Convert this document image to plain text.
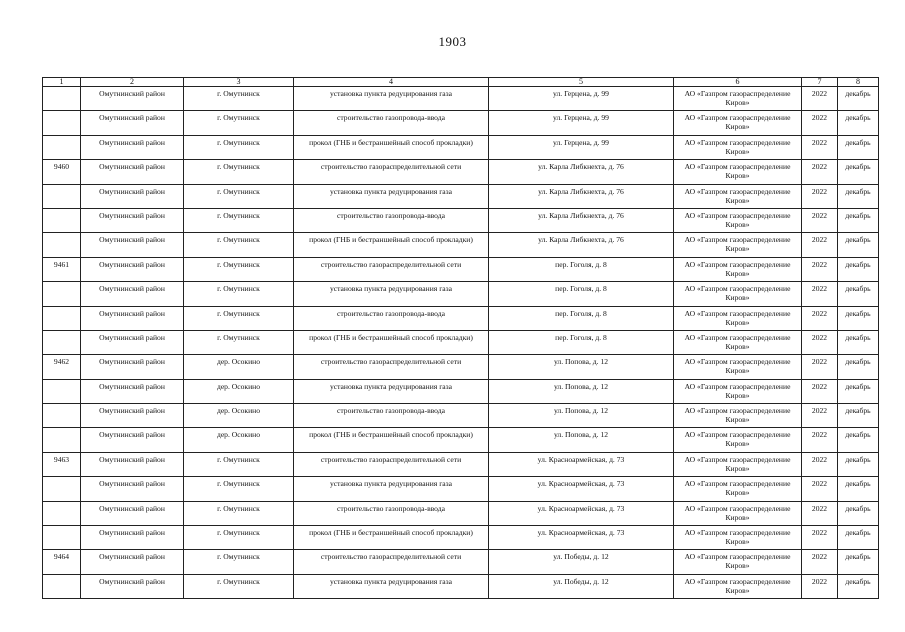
1903
1	2	3	4	5	6	7	8
	Омутнинский район	г. Омутнинск	установка пункта редуцирования газа	ул. Герцена, д. 99	АО «Газпром газораспределение Киров»	2022	декабрь
	Омутнинский район	г. Омутнинск	строительство газопровода-ввода	ул. Герцена, д. 99	АО «Газпром газораспределение Киров»	2022	декабрь
	Омутнинский район	г. Омутнинск	прокол (ГНБ и бестраншейный способ прокладки)	ул. Герцена, д. 99	АО «Газпром газораспределение Киров»	2022	декабрь
9460	Омутнинский район	г. Омутнинск	строительство газораспределительной сети	ул. Карла Либкнехта, д. 76	АО «Газпром газораспределение Киров»	2022	декабрь
	Омутнинский район	г. Омутнинск	установка пункта редуцирования газа	ул. Карла Либкнехта, д. 76	АО «Газпром газораспределение Киров»	2022	декабрь
	Омутнинский район	г. Омутнинск	строительство газопровода-ввода	ул. Карла Либкнехта, д. 76	АО «Газпром газораспределение Киров»	2022	декабрь
	Омутнинский район	г. Омутнинск	прокол (ГНБ и бестраншейный способ прокладки)	ул. Карла Либкнехта, д. 76	АО «Газпром газораспределение Киров»	2022	декабрь
9461	Омутнинский район	г. Омутнинск	строительство газораспределительной сети	пер. Гоголя, д. 8	АО «Газпром газораспределение Киров»	2022	декабрь
	Омутнинский район	г. Омутнинск	установка пункта редуцирования газа	пер. Гоголя, д. 8	АО «Газпром газораспределение Киров»	2022	декабрь
	Омутнинский район	г. Омутнинск	строительство газопровода-ввода	пер. Гоголя, д. 8	АО «Газпром газораспределение Киров»	2022	декабрь
	Омутнинский район	г. Омутнинск	прокол (ГНБ и бестраншейный способ прокладки)	пер. Гоголя, д. 8	АО «Газпром газораспределение Киров»	2022	декабрь
9462	Омутнинский район	дер. Осокино	строительство газораспределительной сети	ул. Попова, д. 12	АО «Газпром газораспределение Киров»	2022	декабрь
	Омутнинский район	дер. Осокино	установка пункта редуцирования газа	ул. Попова, д. 12	АО «Газпром газораспределение Киров»	2022	декабрь
	Омутнинский район	дер. Осокино	строительство газопровода-ввода	ул. Попова, д. 12	АО «Газпром газораспределение Киров»	2022	декабрь
	Омутнинский район	дер. Осокино	прокол (ГНБ и бестраншейный способ прокладки)	ул. Попова, д. 12	АО «Газпром газораспределение Киров»	2022	декабрь
9463	Омутнинский район	г. Омутнинск	строительство газораспределительной сети	ул. Красноармейская, д. 73	АО «Газпром газораспределение Киров»	2022	декабрь
	Омутнинский район	г. Омутнинск	установка пункта редуцирования газа	ул. Красноармейская, д. 73	АО «Газпром газораспределение Киров»	2022	декабрь
	Омутнинский район	г. Омутнинск	строительство газопровода-ввода	ул. Красноармейская, д. 73	АО «Газпром газораспределение Киров»	2022	декабрь
	Омутнинский район	г. Омутнинск	прокол (ГНБ и бестраншейный способ прокладки)	ул. Красноармейская, д. 73	АО «Газпром газораспределение Киров»	2022	декабрь
9464	Омутнинский район	г. Омутнинск	строительство газораспределительной сети	ул. Победы, д. 12	АО «Газпром газораспределение Киров»	2022	декабрь
	Омутнинский район	г. Омутнинск	установка пункта редуцирования газа	ул. Победы, д. 12	АО «Газпром газораспределение Киров»	2022	декабрь
